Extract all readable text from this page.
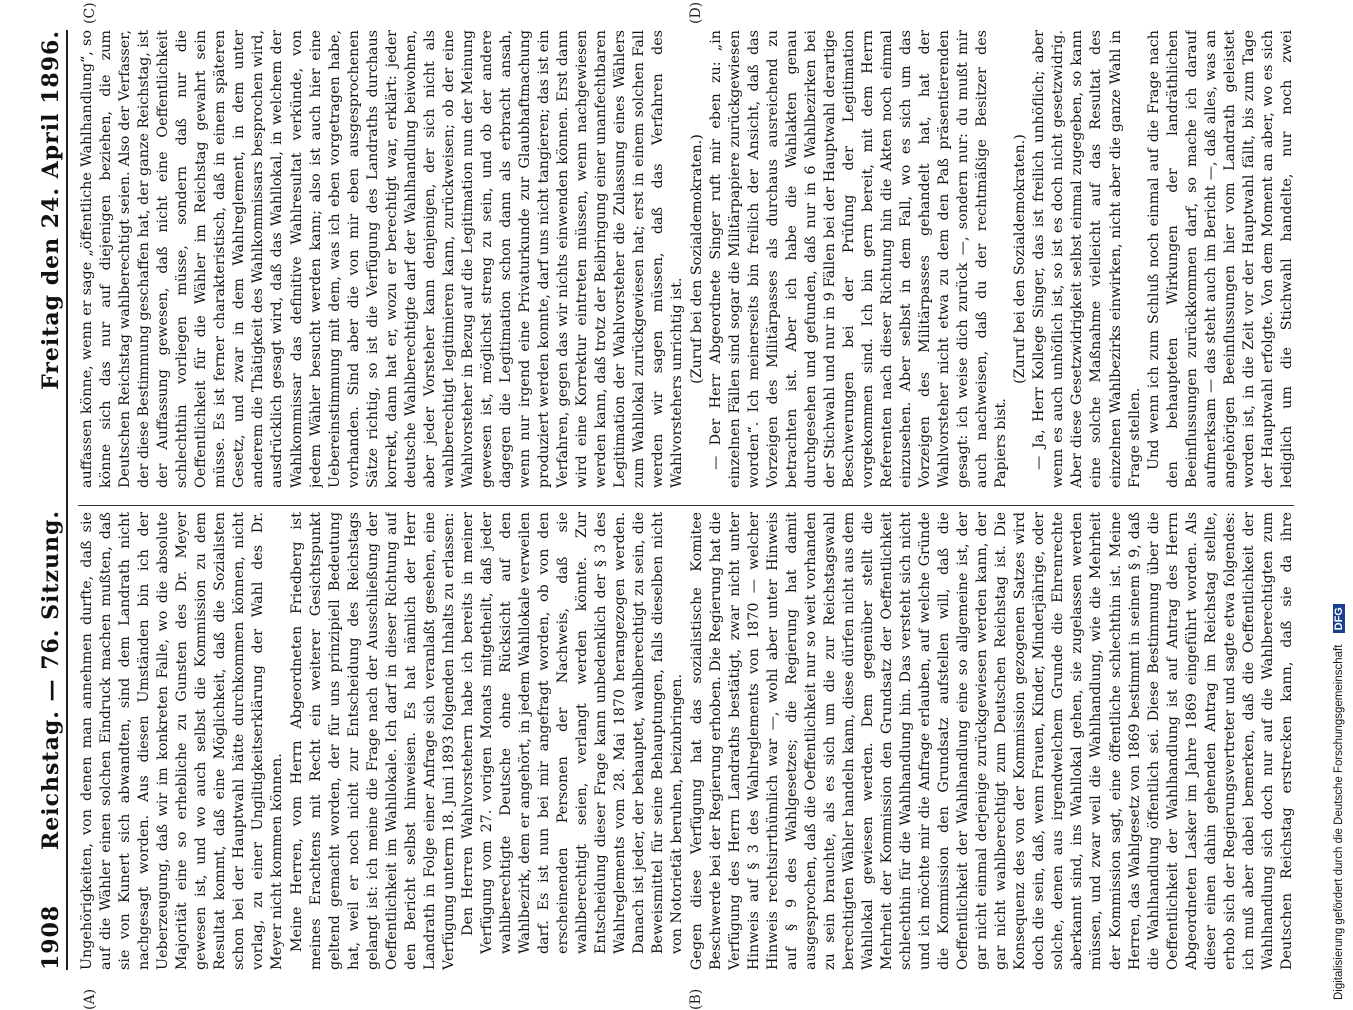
1908
Reichstag. — 76. Sitzung.
Freitag den 24. April 1896.
(A)	(B)
(C)	(D)

Ungehörigkeiten, von denen man annehmen durfte, daß sie auf die Wähler einen solchen Eindruck machen mußten, daß sie von Kunert sich abwandten, sind dem Landrath nicht nachgesagt worden. Aus diesen Umständen bin ich der Ueberzeugung, daß wir im konkreten Falle, wo die absolute Majorität eine so erhebliche zu Gunsten des Dr. Meyer gewesen ist, und wo auch selbst die Kommission zu dem Resultat kommt, daß eine Möglichkeit, daß die Sozialisten schon bei der Hauptwahl hätte durchkommen können, nicht vorlag, zu einer Ungiltigkeitserklärung der Wahl des Dr. Meyer nicht kommen können. Meine Herren, vom Herrn Abgeordneten Friedberg ist meines Erachtens mit Recht ein weiterer Gesichtspunkt geltend gemacht worden, der für uns prinzipiell Bedeutung hat, weil er noch nicht zur Entscheidung des Reichstags gelangt ist: ich meine die Frage nach der Ausschließung der Oeffentlichkeit im Wahllokale. Ich darf in dieser Richtung auf den Bericht selbst hinweisen. Es hat nämlich der Herr Landrath in Folge einer Anfrage sich veranlaßt gesehen, eine Verfügung unterm 18. Juni 1893 folgenden Inhalts zu erlassen: Den Herren Wahlvorstehern habe ich bereits in meiner Verfügung vom 27. vorigen Monats mitgetheilt, daß jeder wahlberechtigte Deutsche ohne Rücksicht auf den Wahlbezirk, dem er angehört, in jedem Wahllokale verweilen darf. Es ist nun bei mir angefragt worden, ob von den erscheinenden Personen der Nachweis, daß sie wahlberechtigt seien, verlangt werden könnte. Zur Entscheidung dieser Frage kann unbedenklich der § 3 des Wahlreglements vom 28. Mai 1870 herangezogen werden. Danach ist jeder, der behauptet, wahlberechtigt zu sein, die Beweismittel für seine Behauptungen, falls dieselben nicht von Notorietät beruhen, beizubringen. Gegen diese Verfügung hat das sozialistische Komitee Beschwerde bei der Regierung erhoben. Die Regierung hat die Verfügung des Herrn Landraths bestätigt, zwar nicht unter Hinweis auf § 3 des Wahlreglements von 1870 — welcher Hinweis rechtsirrthümlich war —, wohl aber unter Hinweis auf § 9 des Wahlgesetzes; die Regierung hat damit ausgesprochen, daß die Oeffentlichkeit nur so weit vorhanden zu sein brauchte, als es sich um die zur Reichstagswahl berechtigten Wähler handeln kann, diese dürfen nicht aus dem Wahllokal gewiesen werden. Dem gegenüber stellt die Mehrheit der Kommission den Grundsatz der Oeffentlichkeit schlechthin für die Wahlhandlung hin. Das versteht sich nicht und ich möchte mir die Anfrage erlauben, auf welche Gründe die Kommission den Grundsatz aufstellen will, daß die Oeffentlichkeit der Wahlhandlung eine so allgemeine ist, der gar nicht einmal derjenige zurückgewiesen werden kann, der gar nicht wahlberechtigt zum Deutschen Reichstag ist. Die Konsequenz des von der Kommission gezogenen Satzes wird doch die sein, daß, wenn Frauen, Kinder, Minderjährige, oder solche, denen aus irgendwelchem Grunde die Ehrenrechte aberkannt sind, ins Wahllokal gehen, sie zugelassen werden müssen, und zwar weil die Wahlhandlung, wie die Mehrheit der Kommission sagt, eine öffentliche schlechthin ist. Meine Herren, das Wahlgesetz von 1869 bestimmt in seinem § 9, daß die Wahlhandlung öffentlich sei. Diese Bestimmung über die Oeffentlichkeit der Wahlhandlung ist auf Antrag des Herrn Abgeordneten Lasker im Jahre 1869 eingeführt worden. Als dieser einen dahin gehenden Antrag im Reichstag stellte, erhob sich der Regierungsvertreter und sagte etwa folgendes: ich muß aber dabei bemerken, daß die Oeffentlichkeit der Wahlhandlung sich doch nur auf die Wahlberechtigten zum Deutschen Reichstag erstrecken kann, daß sie da ihre

auffassen könne, wenn er sage „öffentliche Wahlhandlung“, so könne sich das nur auf diejenigen beziehen, die zum Deutschen Reichstag wahlberechtigt seien. Also der Verfasser, der diese Bestimmung geschaffen hat, der ganze Reichstag, ist der Auffassung gewesen, daß nicht eine Oeffentlichkeit schlechthin vorliegen müsse, sondern daß nur die Oeffentlichkeit für die Wähler im Reichstag gewahrt sein müsse. Es ist ferner charakteristisch, daß in einem späteren Gesetz, und zwar in dem Wahlreglement, in dem unter anderem die Thätigkeit des Wahlkommissars besprochen wird, ausdrücklich gesagt wird, daß das Wahllokal, in welchem der Wahlkommissar das definitive Wahlresultat verkünde, von jedem Wähler besucht werden kann; also ist auch hier eine Uebereinstimmung mit dem, was ich eben vorgetragen habe, vorhanden. Sind aber die von mir eben ausgesprochenen Sätze richtig, so ist die Verfügung des Landraths durchaus korrekt, dann hat er, wozu er berechtigt war, erklärt: jeder deutsche Wahlberechtigte darf der Wahlhandlung beiwohnen, aber jeder Vorsteher kann denjenigen, der sich nicht als wahlberechtigt legitimieren kann, zurückweisen; ob der eine Wahlvorsteher in Bezug auf die Legitimation nun der Meinung gewesen ist, möglichst streng zu sein, und ob der andere dagegen die Legitimation schon dann als erbracht ansah, wenn nur irgend eine Privaturkunde zur Glaubhaftmachung produziert werden konnte, darf uns nicht tangieren; das ist ein Verfahren, gegen das wir nichts einwenden können. Erst dann wird eine Korrektur eintreten müssen, wenn nachgewiesen werden kann, daß trotz der Beibringung einer unanfechtbaren Legitimation der Wahlvorsteher die Zulassung eines Wählers zum Wahllokal zurückgewiesen hat; erst in einem solchen Fall werden wir sagen müssen, daß das Verfahren des Wahlvorstehers unrichtig ist. (Zuruf bei den Sozialdemokraten.) — Der Herr Abgeordnete Singer ruft mir eben zu: „in einzelnen Fällen sind sogar die Militärpapiere zurückgewiesen worden“. Ich meinerseits bin freilich der Ansicht, daß das Vorzeigen des Militärpasses als durchaus ausreichend zu betrachten ist. Aber ich habe die Wahlakten genau durchgesehen und gefunden, daß nur in 6 Wahlbezirken bei der Stichwahl und nur in 9 Fällen bei der Hauptwahl derartige Beschwerungen bei der Prüfung der Legitimation vorgekommen sind. Ich bin gern bereit, mit dem Herrn Referenten nach dieser Richtung hin die Akten noch einmal einzusehen. Aber selbst in dem Fall, wo es sich um das Vorzeigen des Militärpasses gehandelt hat, hat der Wahlvorsteher nicht etwa zu dem den Paß präsentierenden gesagt: ich weise dich zurück —, sondern nur: du mußt mir auch nachweisen, daß du der rechtmäßige Besitzer des Papiers bist.

(Zuruf bei den Sozialdemokraten.) — Ja, Herr Kollege Singer, das ist freilich unhöflich; aber wenn es auch unhöflich ist, so ist es doch nicht gesetzwidrig. Aber diese Gesetzwidrigkeit selbst einmal zugegeben, so kann eine solche Maßnahme vielleicht auf das Resultat des einzelnen Wahlbezirks einwirken, nicht aber die ganze Wahl in Frage stellen. Und wenn ich zum Schluß noch einmal auf die Frage nach den behaupteten Wirkungen der landräthlichen Beeinflussungen zurückkommen darf, so mache ich darauf aufmerksam — das steht auch im Bericht —, daß alles, was an angehörigen Beeinflussungen hier vom Landrath geleistet worden ist, in die Zeit vor der Hauptwahl fällt, bis zum Tage der Hauptwahl erfolgte. Von dem Moment an aber, wo es sich lediglich um die Stichwahl handelte, nur noch zwei

Digitalisierung gefördert durch die Deutsche Forschungsgemeinschaft DFG
